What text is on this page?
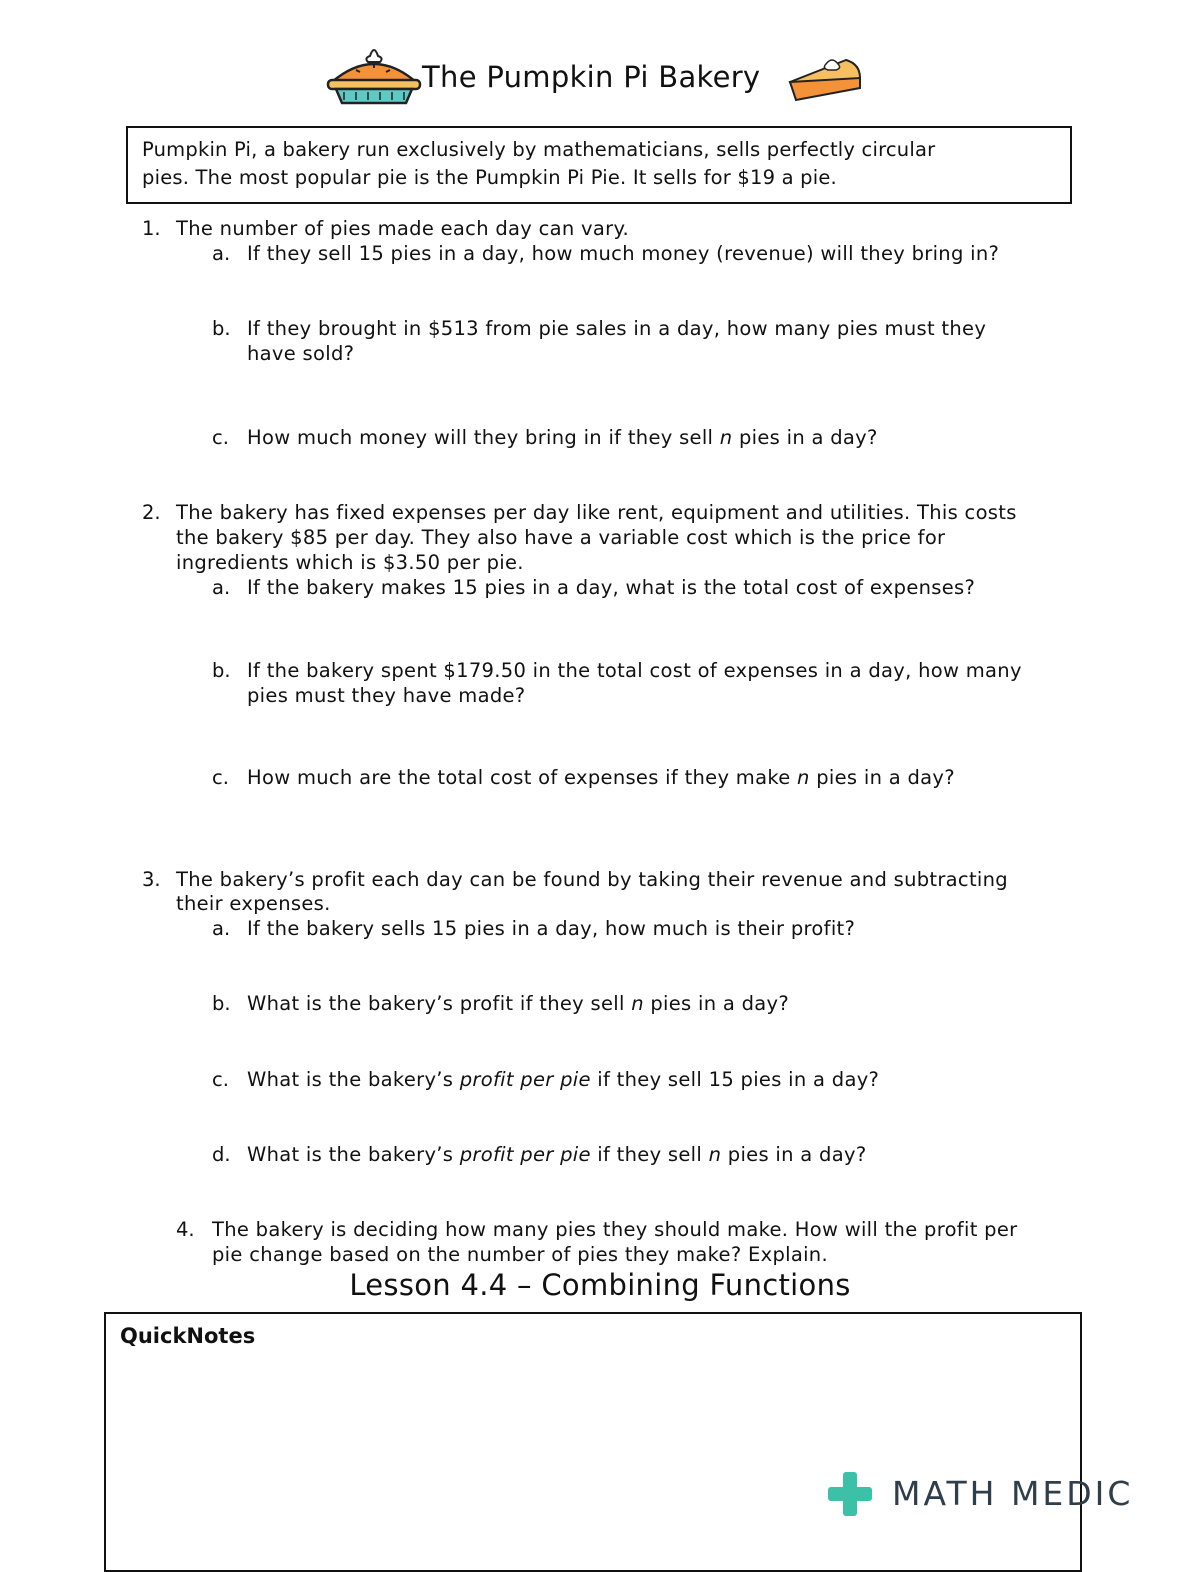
The Pumpkin Pi Bakery
Pumpkin Pi, a bakery run exclusively by mathematicians, sells perfectly circular
pies. The most popular pie is the Pumpkin Pi Pie. It sells for $19 a pie.
1. The number of pies made each day can vary.
a. If they sell 15 pies in a day, how much money (revenue) will they bring in?
b. If they brought in $513 from pie sales in a day, how many pies must they
have sold?
c. How much money will they bring in if they sell n pies in a day?
2. The bakery has fixed expenses per day like rent, equipment and utilities. This costs
the bakery $85 per day. They also have a variable cost which is the price for
ingredients which is $3.50 per pie.
a. If the bakery makes 15 pies in a day, what is the total cost of expenses?
b. If the bakery spent $179.50 in the total cost of expenses in a day, how many
pies must they have made?
c. How much are the total cost of expenses if they make n pies in a day?
3. The bakery’s profit each day can be found by taking their revenue and subtracting
their expenses.
a. If the bakery sells 15 pies in a day, how much is their profit?
b. What is the bakery’s profit if they sell n pies in a day?
c. What is the bakery’s profit per pie if they sell 15 pies in a day?
d. What is the bakery’s profit per pie if they sell n pies in a day?
4. The bakery is deciding how many pies they should make. How will the profit per
pie change based on the number of pies they make? Explain.
Lesson 4.4 – Combining Functions
QuickNotes
MATH MEDIC
